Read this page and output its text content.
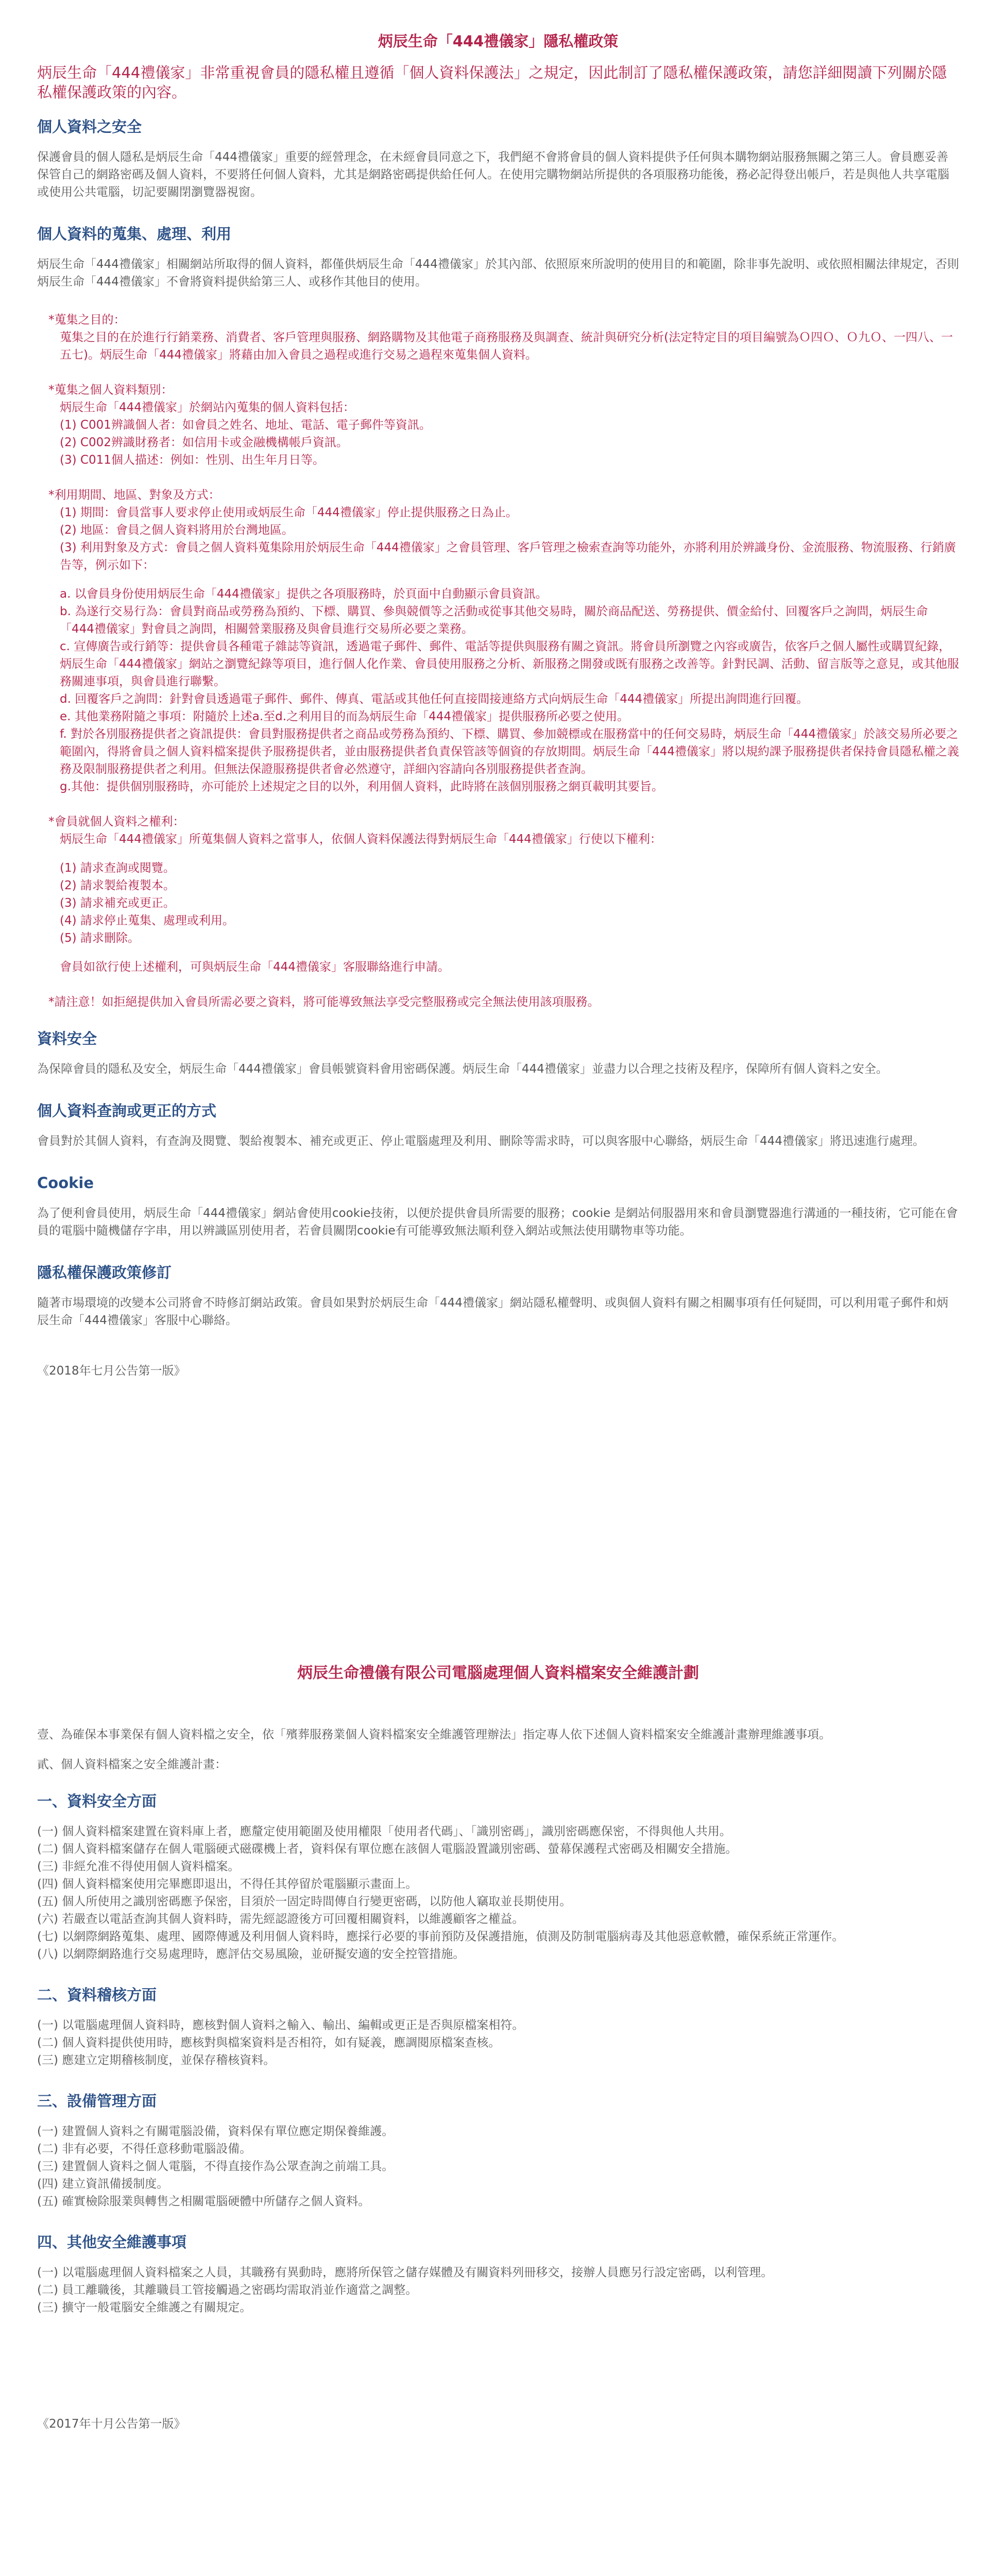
炳辰生命「444禮儀家」隱私權政策
炳辰生命「444禮儀家」非常重視會員的隱私權且遵循「個人資料保護法」之規定，因此制訂了隱私權保護政策，請您詳細閱讀下列關於隱私權保護政策的內容。
個人資料之安全

保護會員的個人隱私是炳辰生命「444禮儀家」重要的經營理念，在未經會員同意之下，我們絕不會將會員的個人資料提供予任何與本購物網站服務無關之第三人。會員應妥善保管自己的網路密碼及個人資料，不要將任何個人資料，尤其是網路密碼提供給任何人。在使用完購物網站所提供的各項服務功能後，務必記得登出帳戶，若是與他人共享電腦或使用公共電腦，切記要關閉瀏覽器視窗。

個人資料的蒐集、處理、利用

炳辰生命「444禮儀家」相關網站所取得的個人資料，都僅供炳辰生命「444禮儀家」於其內部、依照原來所說明的使用目的和範圍，除非事先說明、或依照相關法律規定，否則炳辰生命「444禮儀家」不會將資料提供給第三人、或移作其他目的使用。

*蒐集之目的：
蒐集之目的在於進行行銷業務、消費者、客戶管理與服務、網路購物及其他電子商務服務及與調查、統計與研究分析(法定特定目的項目編號為Ｏ四Ｏ、Ｏ九Ｏ、一四八、一五七)。炳辰生命「444禮儀家」將藉由加入會員之過程或進行交易之過程來蒐集個人資料。
*蒐集之個人資料類別：
炳辰生命「444禮儀家」於網站內蒐集的個人資料包括：
(1) C001辨識個人者：如會員之姓名、地址、電話、電子郵件等資訊。
(2) C002辨識財務者：如信用卡或金融機構帳戶資訊。
(3) C011個人描述：例如：性別、出生年月日等。
*利用期間、地區、對象及方式：
(1) 期間：會員當事人要求停止使用或炳辰生命「444禮儀家」停止提供服務之日為止。
(2) 地區：會員之個人資料將用於台灣地區。
(3) 利用對象及方式：會員之個人資料蒐集除用於炳辰生命「444禮儀家」之會員管理、客戶管理之檢索查詢等功能外，亦將利用於辨識身份、金流服務、物流服務、行銷廣告等，例示如下：
a. 以會員身份使用炳辰生命「444禮儀家」提供之各項服務時，於頁面中自動顯示會員資訊。
b. 為遂行交易行為：會員對商品或勞務為預約、下標、購買、參與競價等之活動或從事其他交易時，關於商品配送、勞務提供、價金給付、回覆客戶之詢問，炳辰生命「444禮儀家」對會員之詢問，相關營業服務及與會員進行交易所必要之業務。
c. 宣傳廣告或行銷等：提供會員各種電子雜誌等資訊，透過電子郵件、郵件、電話等提供與服務有關之資訊。將會員所瀏覽之內容或廣告，依客戶之個人屬性或購買紀錄，炳辰生命「444禮儀家」網站之瀏覽紀錄等項目，進行個人化作業、會員使用服務之分析、新服務之開發或既有服務之改善等。針對民調、活動、留言版等之意見，或其他服務關連事項，與會員進行聯繫。
d. 回覆客戶之詢問：針對會員透過電子郵件、郵件、傳真、電話或其他任何直接間接連絡方式向炳辰生命「444禮儀家」所提出詢問進行回覆。
e. 其他業務附隨之事項：附隨於上述a.至d.之利用目的而為炳辰生命「444禮儀家」提供服務所必要之使用。
f. 對於各別服務提供者之資訊提供：會員對服務提供者之商品或勞務為預約、下標、購買、參加競標或在服務當中的任何交易時，炳辰生命「444禮儀家」於該交易所必要之範圍內，得將會員之個人資料檔案提供予服務提供者，並由服務提供者負責保管該等個資的存放期間。炳辰生命「444禮儀家」將以規約課予服務提供者保持會員隱私權之義務及限制服務提供者之利用。但無法保證服務提供者會必然遵守，詳細內容請向各別服務提供者查詢。
g.其他：提供個別服務時，亦可能於上述規定之目的以外，利用個人資料，此時將在該個別服務之網頁載明其要旨。
*會員就個人資料之權利：
炳辰生命「444禮儀家」所蒐集個人資料之當事人，依個人資料保護法得對炳辰生命「444禮儀家」行使以下權利：
(1) 請求查詢或閱覽。
(2) 請求製給複製本。
(3) 請求補充或更正。
(4) 請求停止蒐集、處理或利用。
(5) 請求刪除。
會員如欲行使上述權利，可與炳辰生命「444禮儀家」客服聯絡進行申請。
*請注意！如拒絕提供加入會員所需必要之資料，將可能導致無法享受完整服務或完全無法使用該項服務。
資料安全

為保障會員的隱私及安全，炳辰生命「444禮儀家」會員帳號資料會用密碼保護。炳辰生命「444禮儀家」並盡力以合理之技術及程序，保障所有個人資料之安全。

個人資料查詢或更正的方式

會員對於其個人資料，有查詢及閱覽、製給複製本、補充或更正、停止電腦處理及利用、刪除等需求時，可以與客服中心聯絡，炳辰生命「444禮儀家」將迅速進行處理。

Cookie

為了便利會員使用，炳辰生命「444禮儀家」網站會使用cookie技術，以便於提供會員所需要的服務；cookie 是網站伺服器用來和會員瀏覽器進行溝通的一種技術，它可能在會員的電腦中隨機儲存字串，用以辨識區別使用者，若會員關閉cookie有可能導致無法順利登入網站或無法使用購物車等功能。

隱私權保護政策修訂

隨著市場環境的改變本公司將會不時修訂網站政策。會員如果對於炳辰生命「444禮儀家」網站隱私權聲明、或與個人資料有關之相關事項有任何疑問，可以利用電子郵件和炳辰生命「444禮儀家」客服中心聯絡。

《2018年七月公告第一版》
炳辰生命禮儀有限公司電腦處理個人資料檔案安全維護計劃

壹、為確保本事業保有個人資料檔之安全，依「殯葬服務業個人資料檔案安全維護管理辦法」指定專人依下述個人資料檔案安全維護計畫辦理維護事項。

貳、個人資料檔案之安全維護計畫：

一、資料安全方面
(一) 個人資料檔案建置在資料庫上者，應釐定使用範圍及使用權限「使用者代碼」、「識別密碼」，識別密碼應保密，不得與他人共用。
(二) 個人資料檔案儲存在個人電腦硬式磁碟機上者，資料保有單位應在該個人電腦設置識別密碼、螢幕保護程式密碼及相關安全措施。
(三) 非經允准不得使用個人資料檔案。
(四) 個人資料檔案使用完畢應即退出，不得任其停留於電腦顯示畫面上。
(五) 個人所使用之識別密碼應予保密，目須於一固定時間傳自行變更密碼，以防他人竊取並長期使用。
(六) 若嚴查以電話查詢其個人資料時，需先經認證後方可回覆相關資料，以維護顧客之權益。
(七) 以網際網路蒐集、處理、國際傳遞及利用個人資料時，應採行必要的事前預防及保護措施，偵測及防制電腦病毒及其他惡意軟體，確保系統正常運作。
(八) 以網際網路進行交易處理時，應評估交易風險，並研擬安適的安全控管措施。
二、資料稽核方面
(一) 以電腦處理個人資料時，應核對個人資料之輸入、輸出、編輯或更正是否與原檔案相符。
(二) 個人資料提供使用時，應核對與檔案資料是否相符，如有疑義，應調閱原檔案查核。
(三) 應建立定期稽核制度，並保存稽核資料。
三、設備管理方面
(一) 建置個人資料之有關電腦設備，資料保有單位應定期保養維護。
(二) 非有必要，不得任意移動電腦設備。
(三) 建置個人資料之個人電腦，不得直接作為公眾查詢之前端工具。
(四) 建立資訊備援制度。
(五) 確實檢除服業與轉售之相關電腦硬體中所儲存之個人資料。
四、其他安全維護事項
(一) 以電腦處理個人資料檔案之人員，其職務有異動時，應將所保管之儲存媒體及有關資料列冊移交，接辦人員應另行設定密碼，以利管理。
(二) 員工離職後，其離職員工管接觸過之密碼均需取消並作適當之調整。
(三) 擴守一般電腦安全維護之有關規定。
《2017年十月公告第一版》
